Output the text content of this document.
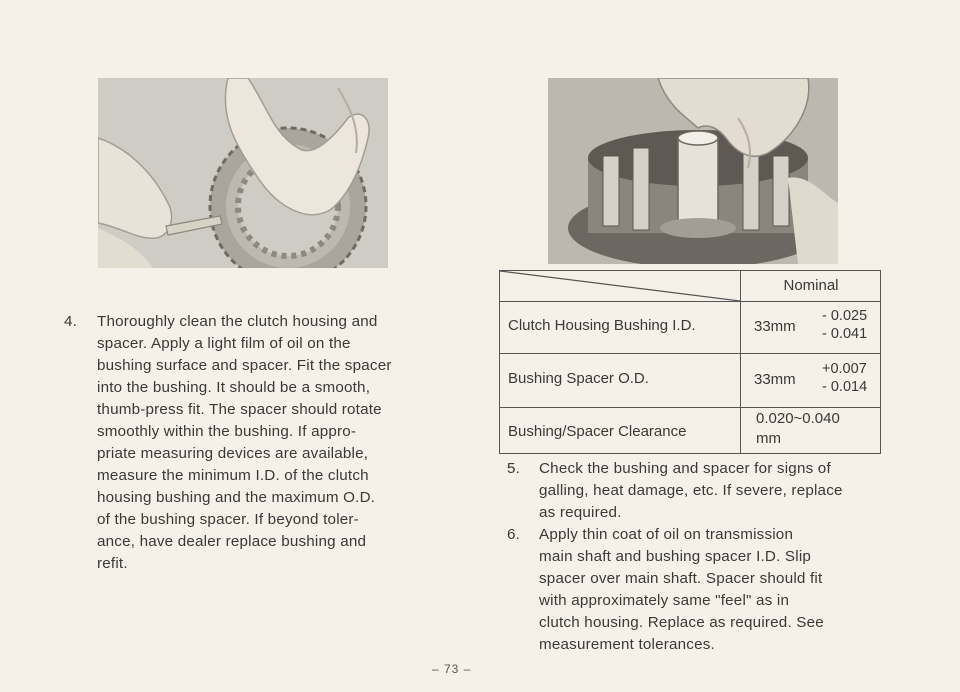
4. Thoroughly clean the clutch housing and
spacer. Apply a light film of oil on the
bushing surface and spacer. Fit the spacer
into the bushing. It should be a smooth,
thumb-press fit. The spacer should rotate
smoothly within the bushing. If appro-
priate measuring devices are available,
measure the minimum I.D. of the clutch
housing bushing and the maximum O.D.
of the bushing spacer. If beyond toler-
ance, have dealer replace bushing and
refit.
Nominal
Clutch Housing Bushing I.D.	33mm
- 0.025
- 0.041
Bushing Spacer O.D.	33mm
+0.007
- 0.014
Bushing/Spacer Clearance
0.020~0.040
mm
5. Check the bushing and spacer for signs of
galling, heat damage, etc. If severe, replace
as required.
6. Apply thin coat of oil on transmission
main shaft and bushing spacer I.D. Slip
spacer over main shaft. Spacer should fit
with approximately same "feel" as in
clutch housing. Replace as required. See
measurement tolerances.
– 73 –
